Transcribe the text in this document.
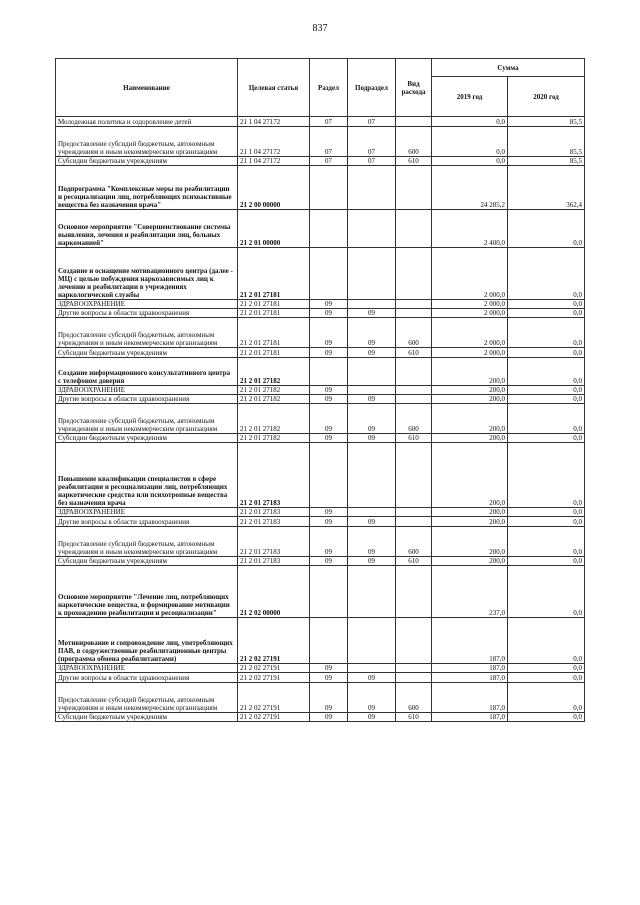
837
Наименование	Целевая статья	Раздел	Подраздел	Вид расхода	Сумма	
					2019 год	2020 год
Молодежная политика и оздоровление детей	21 1 04 27172	07	07		0,0	85,5
Предоставление субсидий бюджетным, автономным учреждениям и иным некоммерческим организациям	21 1 04 27172	07	07	600	0,0	85,5
Субсидии бюджетным учреждениям	21 1 04 27172	07	07	610	0,0	85,5
Подпрограмма "Комплексные меры по реабилитации и ресоциализации лиц, потребляющих психоактивные вещества без назначения врача"	21 2 00 00000				24 285,2	362,4
Основное мероприятие "Совершенствование системы выявления, лечения и реабилитации лиц, больных наркоманией"	21 2 01 00000				2 400,0	0,0
Создание и оснащение мотивационного центра (далее - МЦ) с целью побуждения наркозависимых лиц к лечению и реабилитации в учреждениях наркологической службы	21 2 01 27181				2 000,0	0,0
ЗДРАВООХРАНЕНИЕ	21 2 01 27181	09			2 000,0	0,0
Другие вопросы в области здравоохранения	21 2 01 27181	09	09		2 000,0	0,0
Предоставление субсидий бюджетным, автономным учреждениям и иным некоммерческим организациям	21 2 01 27181	09	09	600	2 000,0	0,0
Субсидии бюджетным учреждениям	21 2 01 27181	09	09	610	2 000,0	0,0
Создание информационного консультативного центра с телефоном доверия	21 2 01 27182				200,0	0,0
ЗДРАВООХРАНЕНИЕ	21 2 01 27182	09			200,0	0,0
Другие вопросы в области здравоохранения	21 2 01 27182	09	09		200,0	0,0
Предоставление субсидий бюджетным, автономным учреждениям и иным некоммерческим организациям	21 2 01 27182	09	09	600	200,0	0,0
Субсидии бюджетным учреждениям	21 2 01 27182	09	09	610	200,0	0,0
Повышение квалификации специалистов в сфере реабилитации и ресоциализации лиц, потребляющих наркотические средства или психотропные вещества без назначения врача	21 2 01 27183				200,0	0,0
ЗДРАВООХРАНЕНИЕ	21 2 01 27183	09			200,0	0,0
Другие вопросы в области здравоохранения	21 2 01 27183	09	09		200,0	0,0
Предоставление субсидий бюджетным, автономным учреждениям и иным некоммерческим организациям	21 2 01 27183	09	09	600	200,0	0,0
Субсидии бюджетным учреждениям	21 2 01 27183	09	09	610	200,0	0,0
Основное мероприятие "Лечение лиц, потребляющих наркотические вещества, и формирование мотивации к прохождению реабилитации и ресоциализации"	21 2 02 00000				237,0	0,0
Мотивирование и сопровождение лиц, употребляющих ПАВ, в содружественные реабилитационные центры (программа обмена реабилитантами)	21 2 02 27191				187,0	0,0
ЗДРАВООХРАНЕНИЕ	21 2 02 27191	09			187,0	0,0
Другие вопросы в области здравоохранения	21 2 02 27191	09	09		187,0	0,0
Предоставление субсидий бюджетным, автономным учреждениям и иным некоммерческим организациям	21 2 02 27191	09	09	600	187,0	0,0
Субсидии бюджетным учреждениям	21 2 02 27191	09	09	610	187,0	0,0
